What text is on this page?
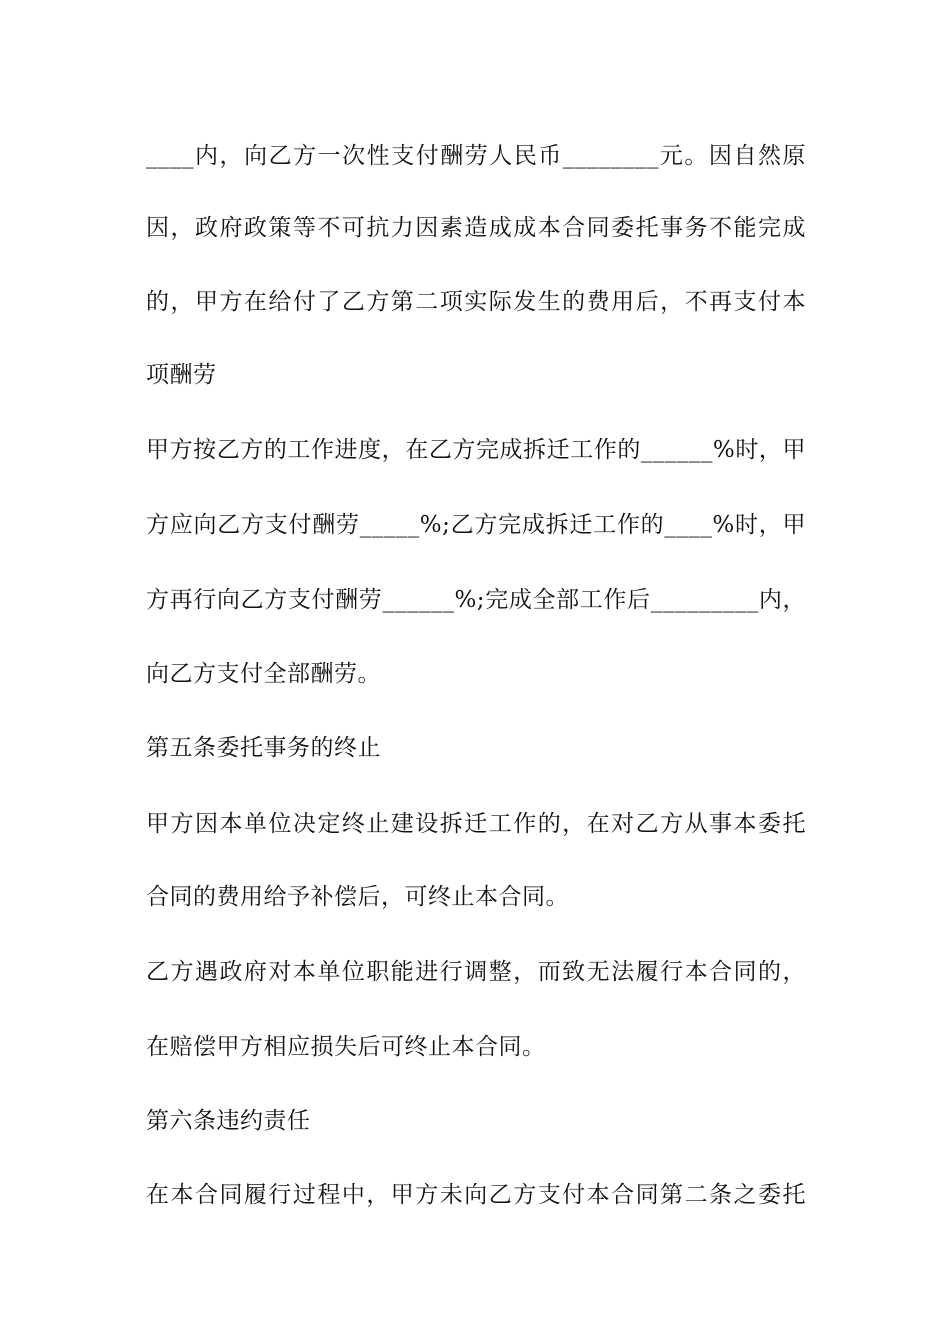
____内，向乙方一次性支付酬劳人民币________元。因自然原
因，政府政策等不可抗力因素造成成本合同委托事务不能完成
的，甲方在给付了乙方第二项实际发生的费用后，不再支付本
项酬劳
甲方按乙方的工作进度，在乙方完成拆迁工作的______%时，甲
方应向乙方支付酬劳_____%;乙方完成拆迁工作的____%时，甲
方再行向乙方支付酬劳______%;完成全部工作后_________内，
向乙方支付全部酬劳。
第五条委托事务的终止
甲方因本单位决定终止建设拆迁工作的，在对乙方从事本委托
合同的费用给予补偿后，可终止本合同。
乙方遇政府对本单位职能进行调整，而致无法履行本合同的，
在赔偿甲方相应损失后可终止本合同。
第六条违约责任
在本合同履行过程中，甲方未向乙方支付本合同第二条之委托
